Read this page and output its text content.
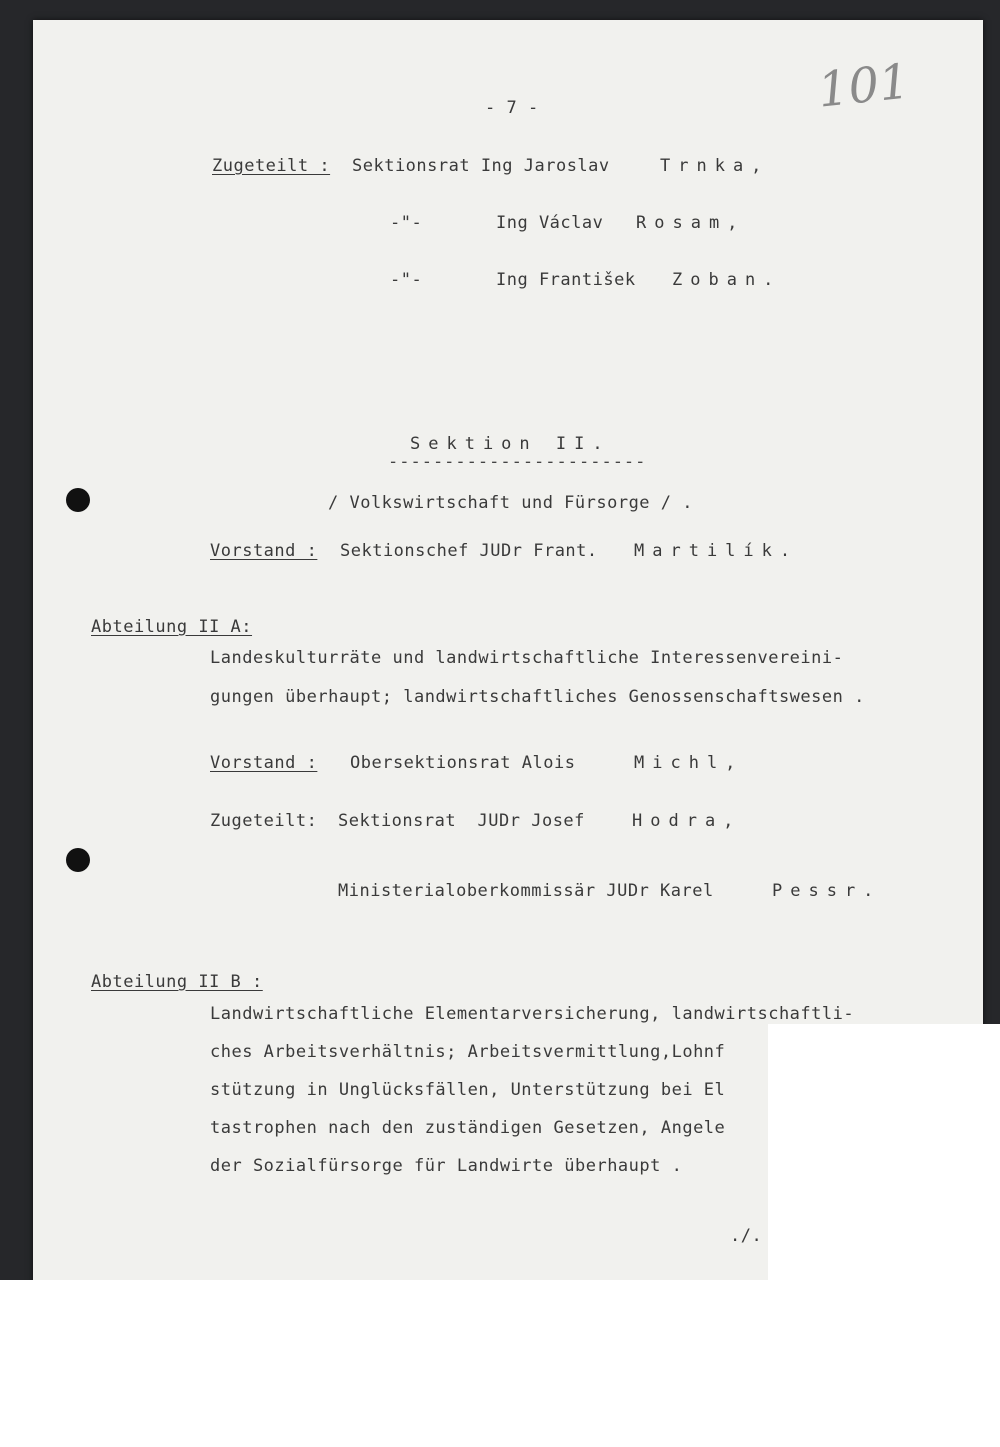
101
- 7 -
Zugeteilt : Sektionsrat Ing Jaroslav	Trnka,
-"-	Ing Václav Rosam,
-"-	Ing František Zoban.
Sektion II.
-----------------------
/ Volkswirtschaft und Fürsorge / .
Vorstand : Sektionschef JUDr Frant. Martilík.
Abteilung II A:
Landeskulturräte und landwirtschaftliche Interessenvereini-
gungen überhaupt; landwirtschaftliches Genossenschaftswesen .
Vorstand : Obersektionsrat Alois	Michl,
Zugeteilt: Sektionsrat  JUDr Josef	Hodra,
Ministerialoberkommissär JUDr Karel	Pessr.
Abteilung II B :
Landwirtschaftliche Elementarversicherung, landwirtschaftli-
ches Arbeitsverhältnis; Arbeitsvermittlung,Lohnf
stützung in Unglücksfällen, Unterstützung bei El
tastrophen nach den zuständigen Gesetzen, Angele
der Sozialfürsorge für Landwirte überhaupt .
./.
